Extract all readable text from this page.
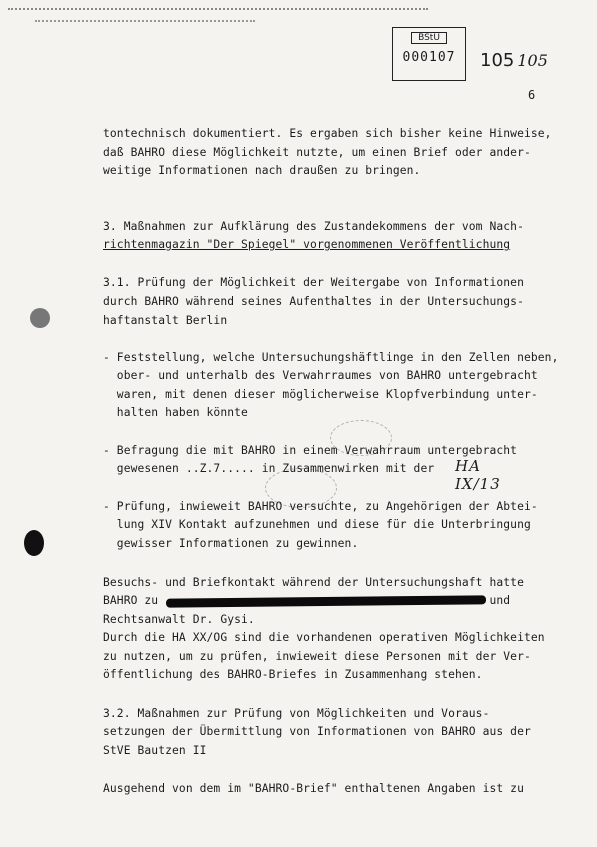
BStU
000107	105 105
6
tontechnisch dokumentiert. Es ergaben sich bisher keine Hinweise,
daß BAHRO diese Möglichkeit nutzte, um einen Brief oder ander-
weitige Informationen nach draußen zu bringen.
3. Maßnahmen zur Aufklärung des Zustandekommens der vom Nach-
richtenmagazin "Der Spiegel" vorgenommenen Veröffentlichung
3.1. Prüfung der Möglichkeit der Weitergabe von Informationen
durch BAHRO während seines Aufenthaltes in der Untersuchungs-
haftanstalt Berlin
- Feststellung, welche Untersuchungshäftlinge in den Zellen neben,
ober- und unterhalb des Verwahrraumes von BAHRO untergebracht
waren, mit denen dieser möglicherweise Klopfverbindung unter-
halten haben könnte
- Befragung die mit BAHRO in einem Verwahrraum untergebracht
gewesenen ..Z.7..... in Zusammenwirken mit der HA IX/13
- Prüfung, inwieweit BAHRO versuchte, zu Angehörigen der Abtei-
lung XIV Kontakt aufzunehmen und diese für die Unterbringung
gewisser Informationen zu gewinnen.
Besuchs- und Briefkontakt während der Untersuchungshaft hatte
BAHRO zu                                                und
Rechtsanwalt Dr. Gysi.
Durch die HA XX/OG sind die vorhandenen operativen Möglichkeiten
zu nutzen, um zu prüfen, inwieweit diese Personen mit der Ver-
öffentlichung des BAHRO-Briefes in Zusammenhang stehen.
3.2. Maßnahmen zur Prüfung von Möglichkeiten und Voraus-
setzungen der Übermittlung von Informationen von BAHRO aus der
StVE Bautzen II
Ausgehend von dem im "BAHRO-Brief" enthaltenen Angaben ist zu
